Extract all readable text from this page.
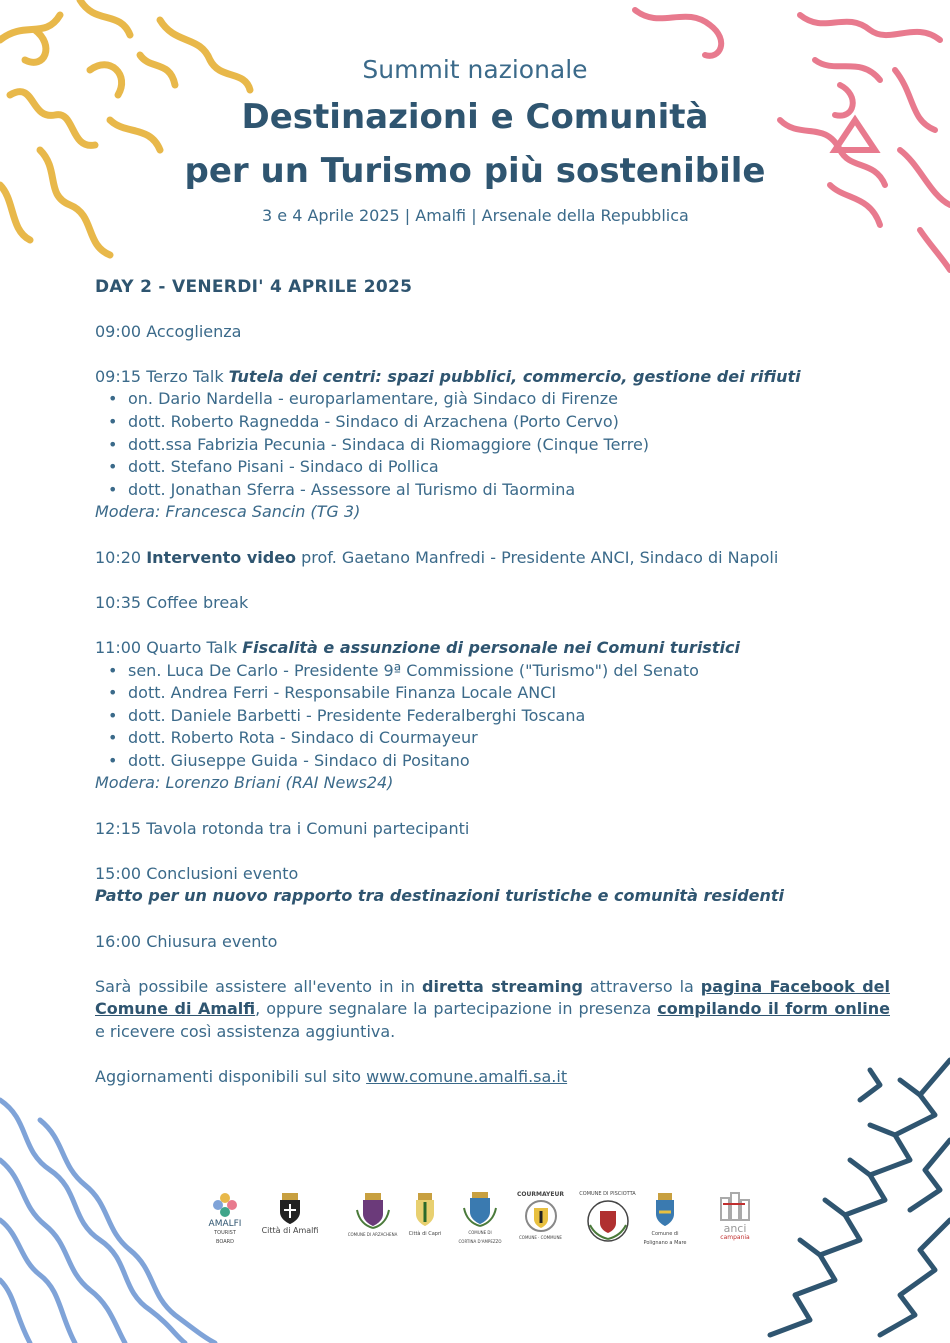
Summit nazionale
Destinazioni e Comunità
per un Turismo più sostenibile
3 e 4 Aprile 2025 | Amalfi | Arsenale della Repubblica
DAY 2 - VENERDI' 4 APRILE 2025

09:00 Accoglienza

09:15 Terzo Talk Tutela dei centri: spazi pubblici, commercio, gestione dei rifiuti

• on. Dario Nardella - europarlamentare, già Sindaco di Firenze
• dott. Roberto Ragnedda - Sindaco di Arzachena (Porto Cervo)
• dott.ssa Fabrizia Pecunia - Sindaca di Riomaggiore (Cinque Terre)
• dott. Stefano Pisani - Sindaco di Pollica
• dott. Jonathan Sferra - Assessore al Turismo di Taormina

Modera: Francesca Sancin (TG 3)

10:20 Intervento video prof. Gaetano Manfredi - Presidente ANCI, Sindaco di Napoli

10:35 Coffee break

11:00 Quarto Talk Fiscalità e assunzione di personale nei Comuni turistici

• sen. Luca De Carlo - Presidente 9ª Commissione ("Turismo") del Senato
• dott. Andrea Ferri - Responsabile Finanza Locale ANCI
• dott. Daniele Barbetti - Presidente Federalberghi Toscana
• dott. Roberto Rota - Sindaco di Courmayeur
• dott. Giuseppe Guida - Sindaco di Positano

Modera: Lorenzo Briani (RAI News24)

12:15 Tavola rotonda tra i Comuni partecipanti

15:00 Conclusioni evento

Patto per un nuovo rapporto tra destinazioni turistiche e comunità residenti

16:00 Chiusura evento

Sarà possibile assistere all'evento in in diretta streaming attraverso la pagina Facebook del Comune di Amalfi, oppure segnalare la partecipazione in presenza compilando il form online e ricevere così assistenza aggiuntiva.
Aggiornamenti disponibili sul sito www.comune.amalfi.sa.it
AMALFI
TOURIST BOARD
Città di Amalfi	COMUNE DI ARZACHENA	Città di Capri	COMUNE DI
CORTINA D'AMPEZZO
COURMAYEUR
COMUNE · COMMUNE
COMUNE DI PISCIOTTA
Comune di
Polignano a Mare
anci
campania
